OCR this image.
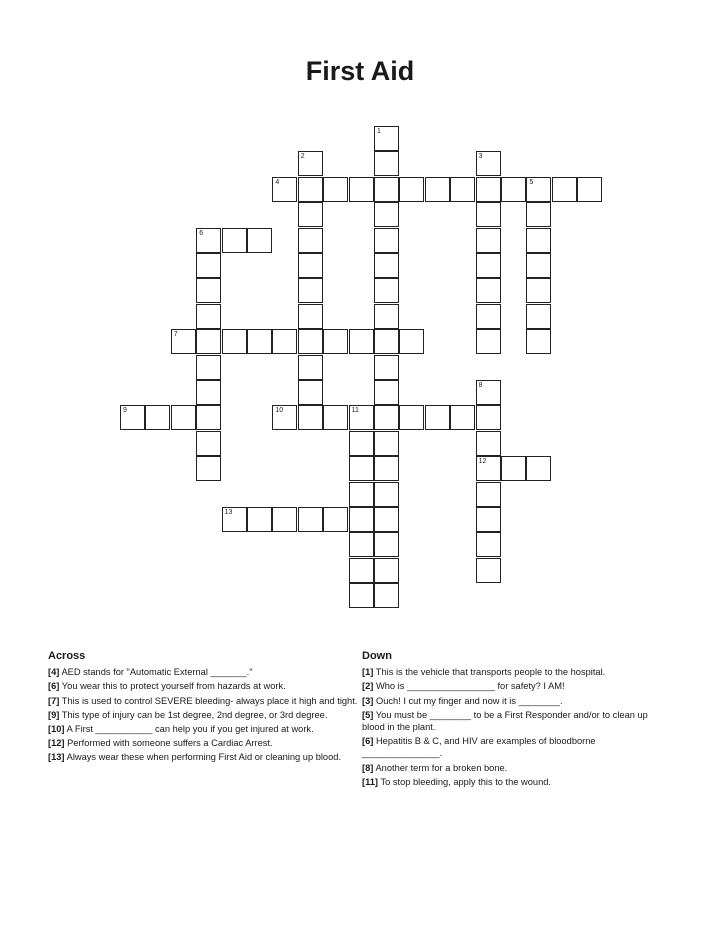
First Aid
1
2	3
4	5
6
7
8
12
9	10	11
13
Across
[4] AED stands for "Automatic External _______."
[6] You wear this to protect yourself from hazards at work.
[7] This is used to control SEVERE bleeding- always place it high and tight.
[9] This type of injury can be 1st degree, 2nd degree, or 3rd degree.
[10] A First ___________ can help you if you get injured at work.
[12] Performed with someone suffers a Cardiac Arrest.
[13] Always wear these when performing First Aid or cleaning up blood.
Down
[1] This is the vehicle that transports people to the hospital.
[2] Who is _________________ for safety? I AM!
[3] Ouch! I cut my finger and now it is ________.
[5] You must be ________ to be a First Responder and/or to clean up blood in the plant.
[6] Hepatitis B & C, and HIV are examples of bloodborne _______________.
[8] Another term for a broken bone.
[11] To stop bleeding, apply this to the wound.
